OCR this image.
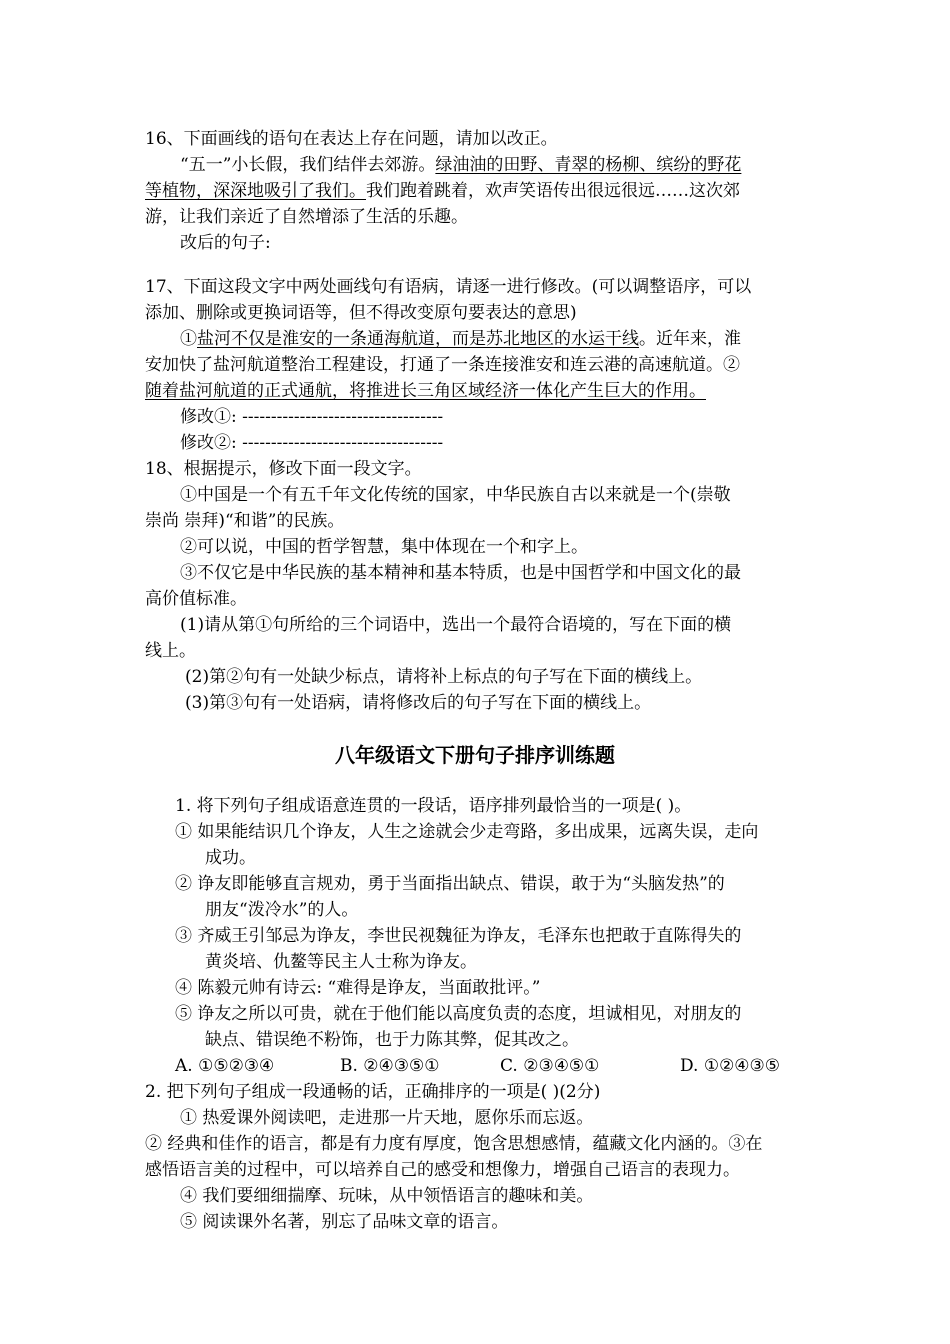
16、下面画线的语句在表达上存在问题，请加以改正。
“五一”小长假，我们结伴去郊游。绿油油的田野、青翠的杨柳、缤纷的野花
等植物，深深地吸引了我们。我们跑着跳着，欢声笑语传出很远很远……这次郊
游，让我们亲近了自然增添了生活的乐趣。
改后的句子:
17、下面这段文字中两处画线句有语病，请逐一进行修改。(可以调整语序，可以
添加、删除或更换词语等，但不得改变原句要表达的意思)
①盐河不仅是淮安的一条通海航道，而是苏北地区的水运干线。近年来，淮
安加快了盐河航道整治工程建设，打通了一条连接淮安和连云港的高速航道。②
随着盐河航道的正式通航，将推进长三角区域经济一体化产生巨大的作用。
修改①: -----------------------------------
修改②: -----------------------------------
18、根据提示，修改下面一段文字。
①中国是一个有五千年文化传统的国家，中华民族自古以来就是一个(崇敬
崇尚 崇拜)“和谐”的民族。
②可以说，中国的哲学智慧，集中体现在一个和字上。
③不仅它是中华民族的基本精神和基本特质，也是中国哲学和中国文化的最
高价值标准。
(1)请从第①句所给的三个词语中，选出一个最符合语境的，写在下面的横
线上。
(2)第②句有一处缺少标点，请将补上标点的句子写在下面的横线上。
(3)第③句有一处语病，请将修改后的句子写在下面的横线上。
八年级语文下册句子排序训练题
1. 将下列句子组成语意连贯的一段话，语序排列最恰当的一项是( )。
① 如果能结识几个诤友，人生之途就会少走弯路，多出成果，远离失误，走向
成功。
② 诤友即能够直言规劝，勇于当面指出缺点、错误，敢于为“头脑发热”的
朋友“泼冷水”的人。
③ 齐威王引邹忌为诤友，李世民视魏征为诤友，毛泽东也把敢于直陈得失的
黄炎培、仇鳌等民主人士称为诤友。
④ 陈毅元帅有诗云: “难得是诤友，当面敢批评。”
⑤ 诤友之所以可贵，就在于他们能以高度负责的态度，坦诚相见，对朋友的
缺点、错误绝不粉饰，也于力陈其弊，促其改之。
A. ①⑤②③④	B. ②④③⑤①	C. ②③④⑤①	D. ①②④③⑤
2. 把下列句子组成一段通畅的话，正确排序的一项是( )(2分)
① 热爱课外阅读吧，走进那一片天地，愿你乐而忘返。
② 经典和佳作的语言，都是有力度有厚度，饱含思想感情，蕴藏文化内涵的。③在
感悟语言美的过程中，可以培养自己的感受和想像力，增强自己语言的表现力。
④ 我们要细细揣摩、玩味，从中领悟语言的趣味和美。
⑤ 阅读课外名著，别忘了品味文章的语言。
